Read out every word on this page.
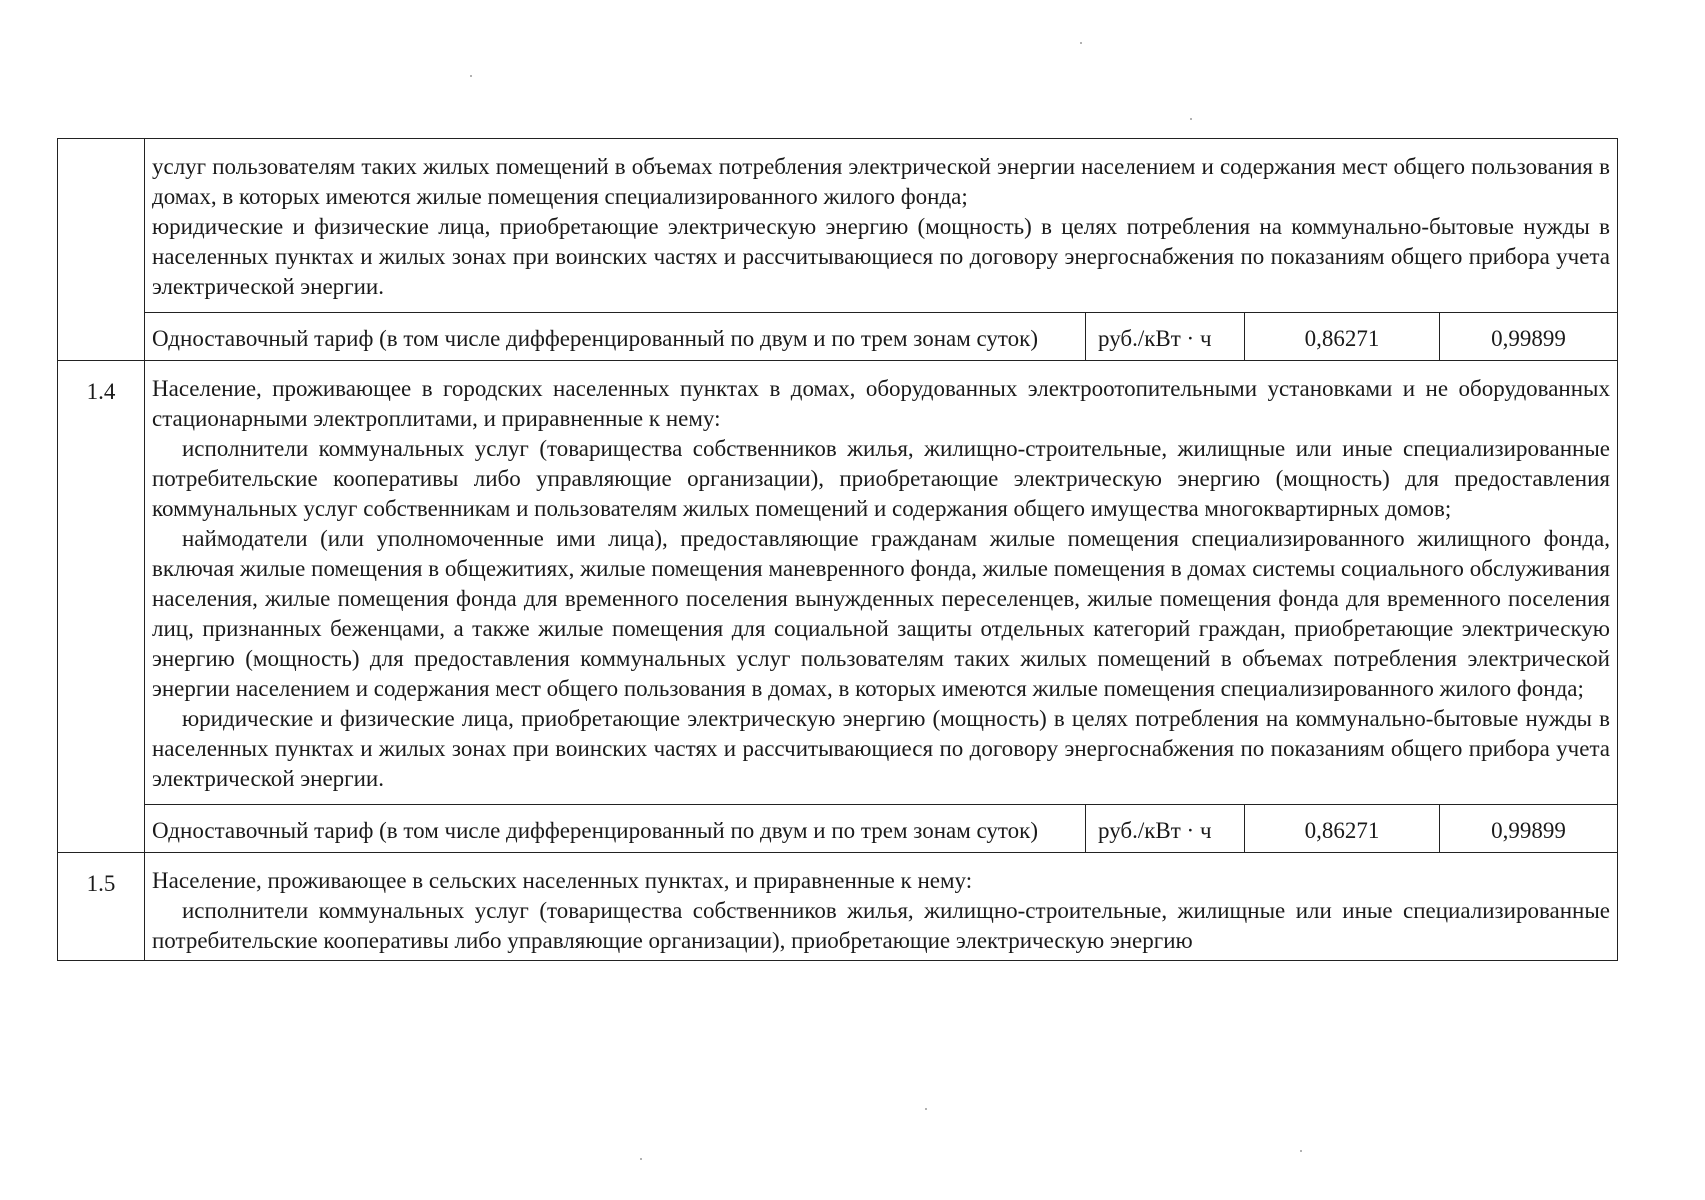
	услуг пользователям таких жилых помещений в объемах потребления электрической энергии населением и содержания мест общего пользования в домах, в которых имеются жилые помещения специализированного жилого фонда;

юридические и физические лица, приобретающие электрическую энергию (мощность) в целях потребления на коммунально-бытовые нужды в населенных пунктах и жилых зонах при воинских частях и рассчитывающиеся по договору энергоснабжения по показаниям общего прибора учета электрической энергии.			

	Одноставочный тариф (в том числе дифференцированный по двум и по трем зонам суток)	руб./кВт · ч	0,86271	0,99899
1.4	Население, проживающее в городских населенных пунктах в домах, оборудованных электроотопительными установками и не оборудованных стационарными электроплитами, и приравненные к нему:

исполнители коммунальных услуг (товарищества собственников жилья, жилищно-строительные, жилищные или иные специализированные потребительские кооперативы либо управляющие организации), приобретающие электрическую энергию (мощность) для предоставления коммунальных услуг собственникам и пользователям жилых помещений и содержания общего имущества многоквартирных домов;

наймодатели (или уполномоченные ими лица), предоставляющие гражданам жилые помещения специализированного жилищного фонда, включая жилые помещения в общежитиях, жилые помещения маневренного фонда, жилые помещения в домах системы социального обслуживания населения, жилые помещения фонда для временного поселения вынужденных переселенцев, жилые помещения фонда для временного поселения лиц, признанных беженцами, а также жилые помещения для социальной защиты отдельных категорий граждан, приобретающие электрическую энергию (мощность) для предоставления коммунальных услуг пользователям таких жилых помещений в объемах потребления электрической энергии населением и содержания мест общего пользования в домах, в которых имеются жилые помещения специализированного жилого фонда;

юридические и физические лица, приобретающие электрическую энергию (мощность) в целях потребления на коммунально-бытовые нужды в населенных пунктах и жилых зонах при воинских частях и рассчитывающиеся по договору энергоснабжения по показаниям общего прибора учета электрической энергии.			

	Одноставочный тариф (в том числе дифференцированный по двум и по трем зонам суток)	руб./кВт · ч	0,86271	0,99899
1.5	Население, проживающее в сельских населенных пунктах, и приравненные к нему:

исполнители коммунальных услуг (товарищества собственников жилья, жилищно-строительные, жилищные или иные специализированные потребительские кооперативы либо управляющие организации), приобретающие электрическую энергию			
